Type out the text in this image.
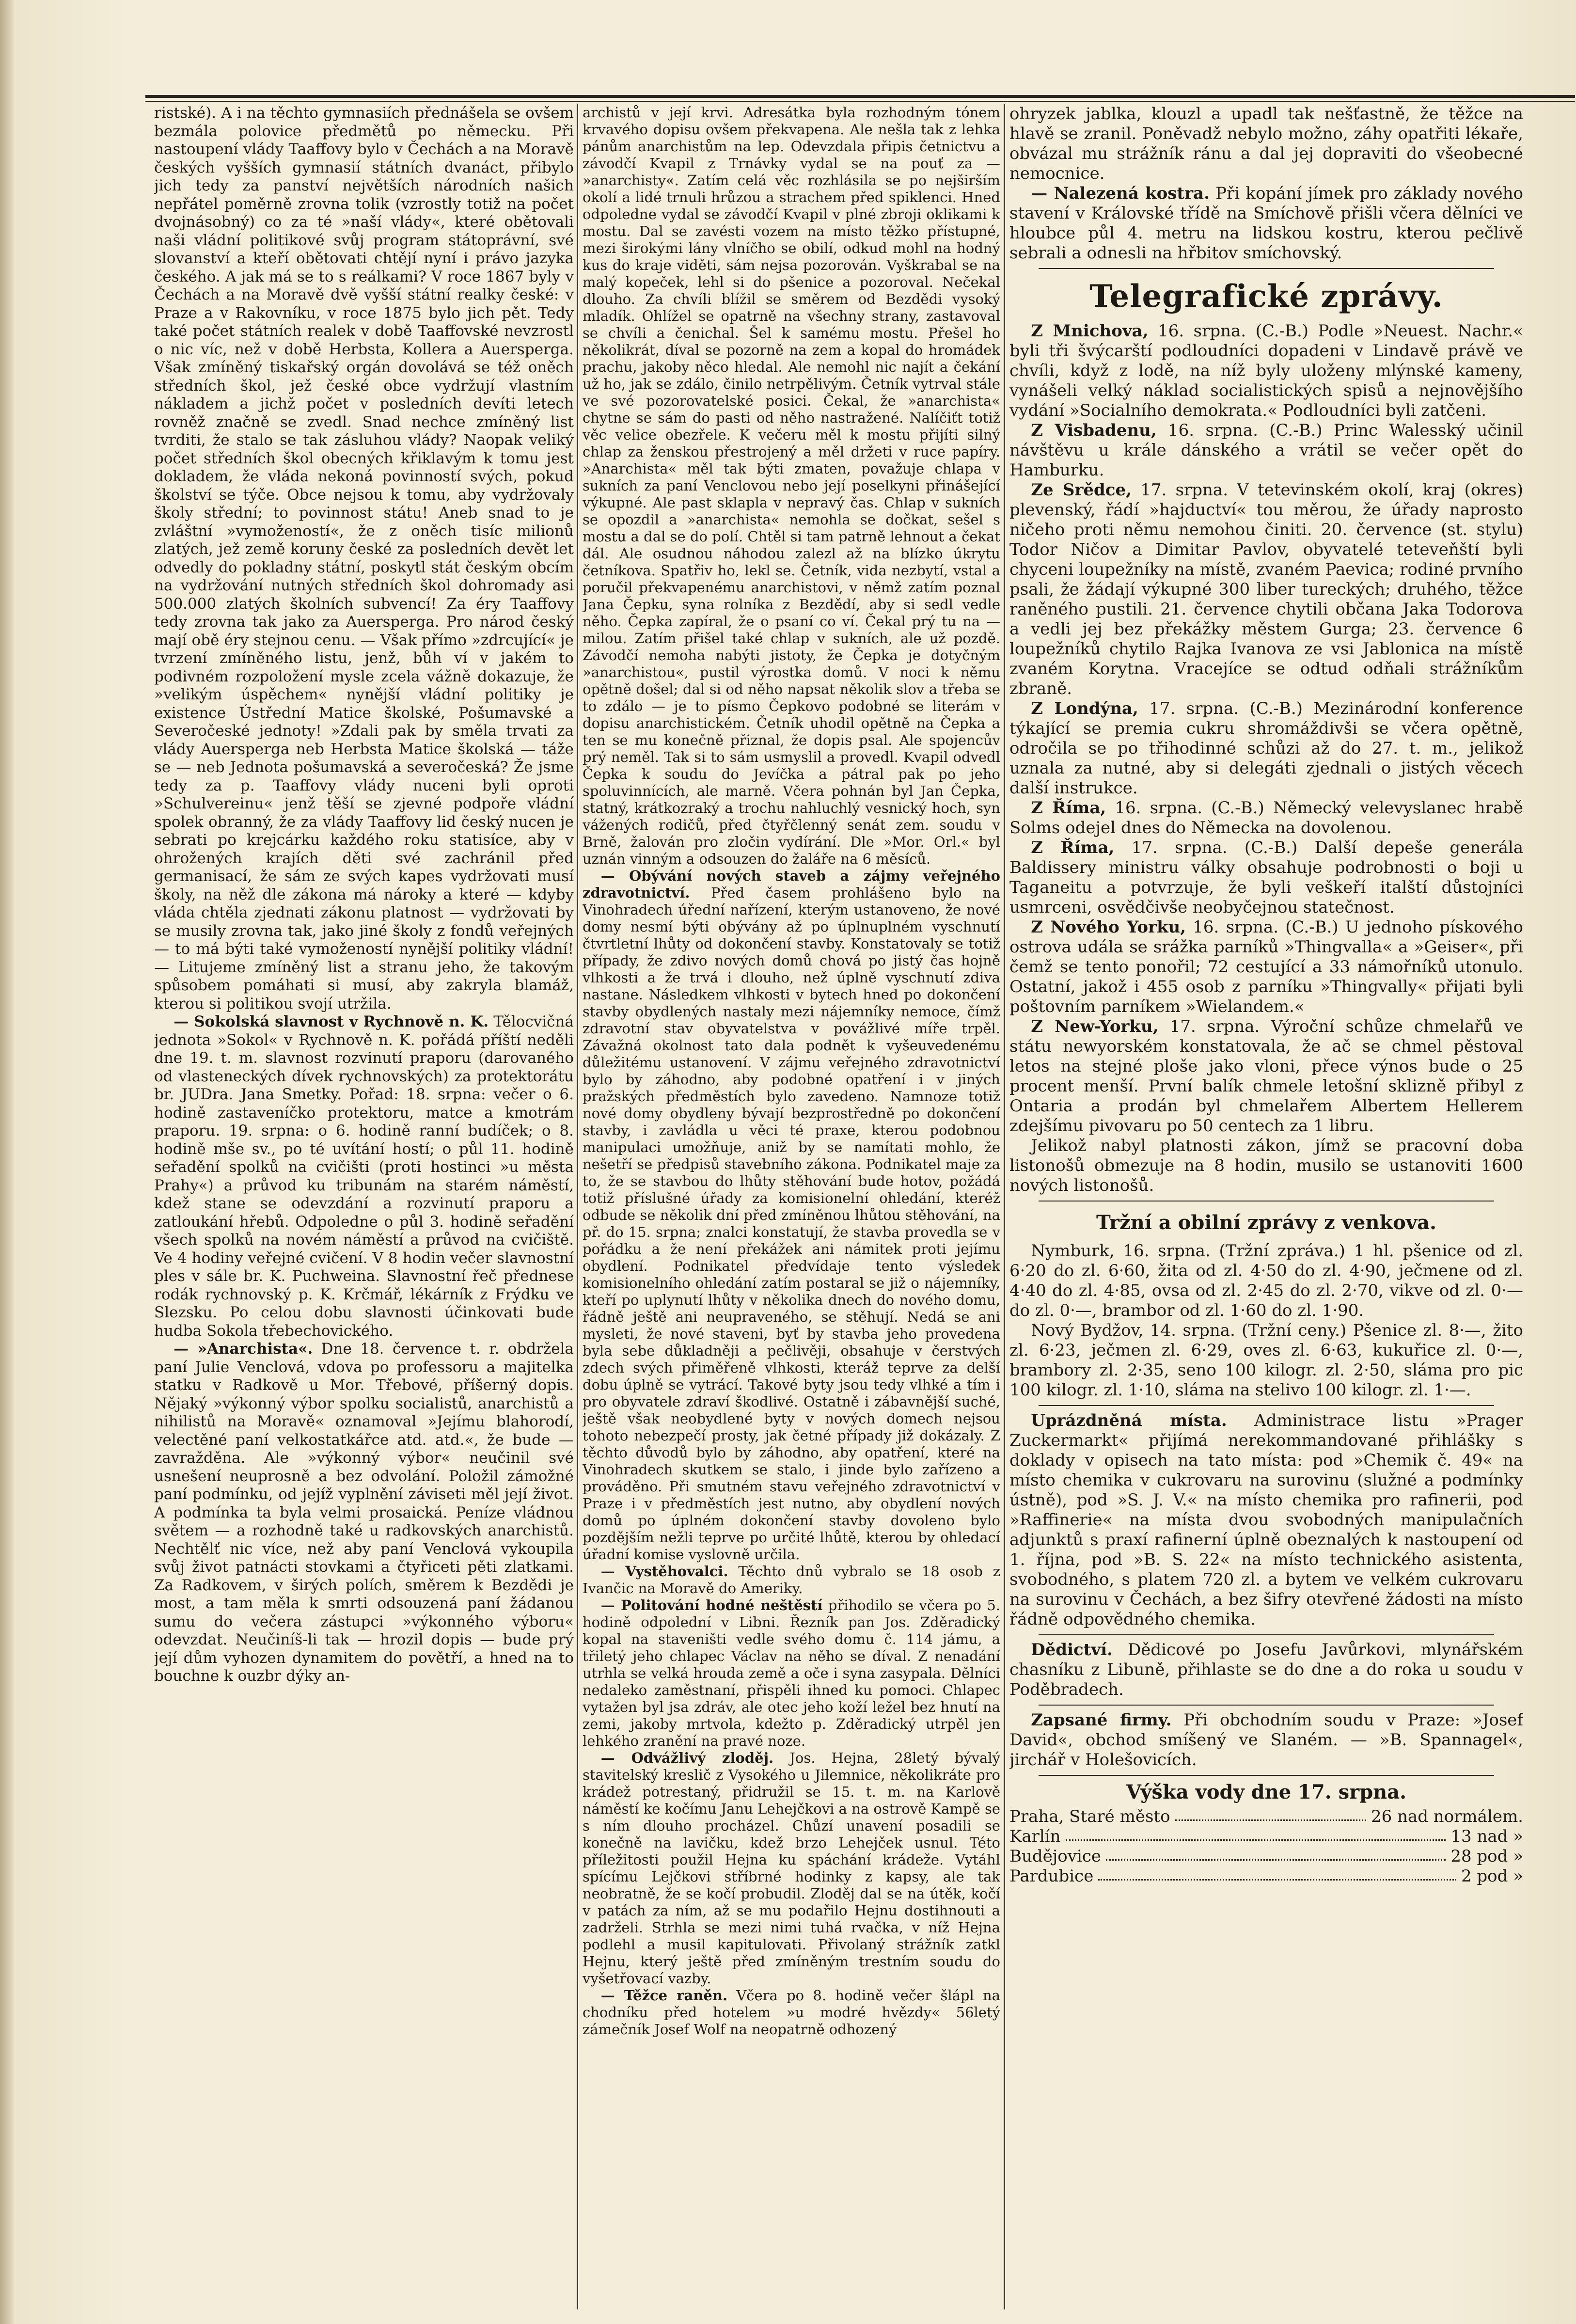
ristské). A i na těchto gymnasiích přednášela se ovšem bezmála polovice předmětů po německu. Při nastoupení vlády Taaffovy bylo v Čechách a na Moravě českých vyšších gymnasií státních dvanáct, přibylo jich tedy za panství největších národních našich nepřátel poměrně zrovna tolik (vzrostly totiž na počet dvojnásobný) co za té »naší vlády«, které obětovali naši vládní politikové svůj program státoprávní, své slovanství a kteří obětovati chtějí nyní i právo jazyka českého. A jak má se to s reálkami? V roce 1867 byly v Čechách a na Moravě dvě vyšší státní realky české: v Praze a v Rakovníku, v roce 1875 bylo jich pět. Tedy také počet státních realek v době Taaffovské nevzrostl o nic víc, než v době Herbsta, Kollera a Auersperga. Však zmíněný tiskařský orgán dovolává se též oněch středních škol, jež české obce vydržují vlastním nákladem a jichž počet v posledních devíti letech rovněž značně se zvedl. Snad nechce zmíněný list tvrditi, že stalo se tak zásluhou vlády? Naopak veliký počet středních škol obecných křiklavým k tomu jest dokladem, že vláda nekoná povinností svých, pokud školství se týče. Obce nejsou k tomu, aby vydržovaly školy střední; to povinnost státu! Aneb snad to je zvláštní »vymožeností«, že z oněch tisíc milionů zlatých, jež země koruny české za posledních devět let odvedly do pokladny státní, poskytl stát českým obcím na vydržování nutných středních škol dohromady asi 500.000 zlatých školních subvencí! Za éry Taaffovy tedy zrovna tak jako za Auersperga. Pro národ český mají obě éry stejnou cenu. — Však přímo »zdrcující« je tvrzení zmíněného listu, jenž, bůh ví v jakém to podivném rozpoložení mysle zcela vážně dokazuje, že »velikým úspěchem« nynější vládní politiky je existence Ústřední Matice školské, Pošumavské a Severočeské jednoty! »Zdali pak by směla trvati za vlády Auersperga neb Herbsta Matice školská — táže se — neb Jednota pošumavská a severočeská? Že jsme tedy za p. Taaffovy vlády nuceni byli oproti »Schulvereinu« jenž těší se zjevné podpoře vládní spolek obranný, že za vlády Taaffovy lid český nucen je sebrati po krejcárku každého roku statisíce, aby v ohrožených krajích děti své zachránil před germanisací, že sám ze svých kapes vydržovati musí školy, na něž dle zákona má nároky a které — kdyby vláda chtěla zjednati zákonu platnost — vydržovati by se musily zrovna tak, jako jiné školy z fondů veřejných — to má býti také vymožeností nynější politiky vládní! — Litujeme zmíněný list a stranu jeho, že takovým spůsobem pomáhati si musí, aby zakryla blamáž, kterou si politikou svojí utržila.

— Sokolská slavnost v Rychnově n. K. Tělocvičná jednota »Sokol« v Rychnově n. K. pořádá příští neděli dne 19. t. m. slavnost rozvinutí praporu (darovaného od vlasteneckých dívek rychnovských) za protektorátu br. JUDra. Jana Smetky. Pořad: 18. srpna: večer o 6. hodině zastaveníčko protektoru, matce a kmotrám praporu. 19. srpna: o 6. hodině ranní budíček; o 8. hodině mše sv., po té uvítání hostí; o půl 11. hodině seřadění spolků na cvičišti (proti hostinci »u města Prahy«) a průvod ku tribunám na starém náměstí, kdež stane se odevzdání a rozvinutí praporu a zatloukání hřebů. Odpoledne o půl 3. hodině seřadění všech spolků na novém náměstí a průvod na cvičiště. Ve 4 hodiny veřejné cvičení. V 8 hodin večer slavnostní ples v sále br. K. Puchweina. Slavnostní řeč přednese rodák rychnovský p. K. Krčmář, lékárník z Frýdku ve Slezsku. Po celou dobu slavnosti účinkovati bude hudba Sokola třebechovického.

— »Anarchista«. Dne 18. července t. r. obdržela paní Julie Venclová, vdova po professoru a majitelka statku v Radkově u Mor. Třebové, příšerný dopis. Nějaký »výkonný výbor spolku socialistů, anarchistů a nihilistů na Moravě« oznamoval »Jejímu blahorodí, velectěné paní velkostatkářce atd. atd.«, že bude — zavražděna. Ale »výkonný výbor« neučinil své usnešení neuprosně a bez odvolání. Položil zámožné paní podmínku, od jejíž vyplnění záviseti měl její život. A podmínka ta byla velmi prosaická. Peníze vládnou světem — a rozhodně také u radkovských anarchistů. Nechtělť nic více, než aby paní Venclová vykoupila svůj život patnácti stovkami a čtyřiceti pěti zlatkami. Za Radkovem, v širých polích, směrem k Bezdědi je most, a tam měla k smrti odsouzená paní žádanou sumu do večera zástupci »výkonného výboru« odevzdat. Neučiníš-li tak — hrozil dopis — bude prý její dům vyhozen dynamitem do povětří, a hned na to bouchne k ouzbr dýky an-

archistů v její krvi. Adresátka byla rozhodným tónem krvavého dopisu ovšem překvapena. Ale nešla tak z lehka pánům anarchistům na lep. Odevzdala připis četnictvu a závodčí Kvapil z Trnávky vydal se na pouť za — »anarchisty«. Zatím celá věc rozhlásila se po nejširším okolí a lidé trnuli hrůzou a strachem před spiklenci. Hned odpoledne vydal se závodčí Kvapil v plné zbroji oklikami k mostu. Dal se zavésti vozem na místo těžko přístupné, mezi širokými lány vlníčho se obilí, odkud mohl na hodný kus do kraje viděti, sám nejsa pozorován. Vyškrabal se na malý kopeček, lehl si do pšenice a pozoroval. Nečekal dlouho. Za chvíli blížil se směrem od Bezdědi vysoký mladík. Ohlížel se opatrně na všechny strany, zastavoval se chvíli a čenichal. Šel k samému mostu. Přešel ho několikrát, díval se pozorně na zem a kopal do hromádek prachu, jakoby něco hledal. Ale nemohl nic najít a čekání už ho, jak se zdálo, činilo netrpělivým. Četník vytrval stále ve své pozorovatelské posici. Čekal, že »anarchista« chytne se sám do pasti od něho nastražené. Nalíčiťt totiž věc velice obezřele. K večeru měl k mostu přijíti silný chlap za ženskou přestrojený a měl držeti v ruce papíry. »Anarchista« měl tak býti zmaten, považuje chlapa v sukních za paní Venclovou nebo její poselkyni přinášející výkupné. Ale past sklapla v nepravý čas. Chlap v sukních se opozdil a »anarchista« nemohla se dočkat, sešel s mostu a dal se do polí. Chtěl si tam patrně lehnout a čekat dál. Ale osudnou náhodou zalezl až na blízko úkrytu četníkova. Spatřiv ho, lekl se. Četník, vida nezbytí, vstal a poručil překvapenému anarchistovi, v němž zatím poznal Jana Čepku, syna rolníka z Bezdědí, aby si sedl vedle něho. Čepka zapíral, že o psaní co ví. Čekal prý tu na — milou. Zatím přišel také chlap v sukních, ale už pozdě. Závodčí nemoha nabýti jistoty, že Čepka je dotyčným »anarchistou«, pustil výrostka domů. V noci k němu opětně došel; dal si od něho napsat několik slov a třeba se to zdálo — je to písmo Čepkovo podobné se literám v dopisu anarchistickém. Četník uhodil opětně na Čepka a ten se mu konečně přiznal, že dopis psal. Ale spojencův prý neměl. Tak si to sám usmyslil a provedl. Kvapil odvedl Čepka k soudu do Jevíčka a pátral pak po jeho spoluvinnících, ale marně. Včera pohnán byl Jan Čepka, statný, krátkozraký a trochu nahluchlý vesnický hoch, syn vážených rodičů, před čtyřčlenný senát zem. soudu v Brně, žalován pro zločin vydírání. Dle »Mor. Orl.« byl uznán vinným a odsouzen do žaláře na 6 měsíců.

— Obývání nových staveb a zájmy veřejného zdravotnictví. Před časem prohlášeno bylo na Vinohradech úřední nařízení, kterým ustanoveno, že nové domy nesmí býti obývány až po úplnuplném vyschnutí čtvrtletní lhůty od dokončení stavby. Konstatovaly se totiž případy, že zdivo nových domů chová po jistý čas hojně vlhkosti a že trvá i dlouho, než úplně vyschnutí zdiva nastane. Následkem vlhkosti v bytech hned po dokončení stavby obydlených nastaly mezi nájemníky nemoce, čímž zdravotní stav obyvatelstva v povážlivé míře trpěl. Závažná okolnost tato dala podnět k vyšeuvedenému důležitému ustanovení. V zájmu veřejného zdravotnictví bylo by záhodno, aby podobné opatření i v jiných pražských předměstích bylo zavedeno. Namnoze totiž nové domy obydleny bývají bezprostředně po dokončení stavby, i zavládla u věci té praxe, kterou podobnou manipulaci umožňuje, aniž by se namítati mohlo, že nešetří se předpisů stavebního zákona. Podnikatel maje za to, že se stavbou do lhůty stěhování bude hotov, požádá totiž příslušné úřady za komisionelní ohledání, kteréž odbude se několik dní před zmíněnou lhůtou stěhování, na př. do 15. srpna; znalci konstatují, že stavba provedla se v pořádku a že není překážek ani námitek proti jejímu obydlení. Podnikatel předvídaje tento výsledek komisionelního ohledání zatím postaral se již o nájemníky, kteří po uplynutí lhůty v několika dnech do nového domu, řádně ještě ani neupraveného, se stěhují. Nedá se ani mysleti, že nové staveni, byť by stavba jeho provedena byla sebe důkladněji a pečlivěji, obsahuje v čerstvých zdech svých přiměřeně vlhkosti, kteráž teprve za delší dobu úplně se vytrácí. Takové byty jsou tedy vlhké a tím i pro obyvatele zdraví škodlivé. Ostatně i zábavnější suché, ještě však neobydlené byty v nových domech nejsou tohoto nebezpečí prosty, jak četné případy již dokázaly. Z těchto důvodů bylo by záhodno, aby opatření, které na Vinohradech skutkem se stalo, i jinde bylo zařízeno a prováděno. Při smutném stavu veřejného zdravotnictví v Praze i v předměstích jest nutno, aby obydlení nových domů po úplném dokončení stavby dovoleno bylo pozdějším nežli teprve po určité lhůtě, kterou by ohledací úřadní komise vyslovně určila.

— Vystěhovalci. Těchto dnů vybralo se 18 osob z Ivančic na Moravě do Ameriky.

— Politování hodné neštěstí přihodilo se včera po 5. hodině odpolední v Libni. Řezník pan Jos. Zděradický kopal na staveništi vedle svého domu č. 114 jámu, a třiletý jeho chlapec Václav na něho se díval. Z nenadání utrhla se velká hrouda země a oče i syna zasypala. Dělníci nedaleko zaměstnaní, přispěli ihned ku pomoci. Chlapec vytažen byl jsa zdráv, ale otec jeho koží ležel bez hnutí na zemi, jakoby mrtvola, kdežto p. Zděradický utrpěl jen lehkého zranění na pravé noze.

— Odvážlivý zloděj. Jos. Hejna, 28letý bývalý stavitelský kreslič z Vysokého u Jilemnice, několikráte pro krádež potrestaný, přidružil se 15. t. m. na Karlově náměstí ke kočímu Janu Lehejčkovi a na ostrově Kampě se s ním dlouho procházel. Chůzí unavení posadili se konečně na lavičku, kdež brzo Lehejček usnul. Této příležitosti použil Hejna ku spáchání krádeže. Vytáhl spícímu Lejčkovi stříbrné hodinky z kapsy, ale tak neobratně, že se kočí probudil. Zloděj dal se na útěk, kočí v patách za ním, až se mu podařilo Hejnu dostihnouti a zadrželi. Strhla se mezi nimi tuhá rvačka, v níž Hejna podlehl a musil kapitulovati. Přivolaný strážník zatkl Hejnu, který ještě před zmíněným trestním soudu do vyšetřovací vazby.

— Těžce raněn. Včera po 8. hodině večer šlápl na chodníku před hotelem »u modré hvězdy« 56letý zámečník Josef Wolf na neopatrně odhozený

ohryzek jablka, klouzl a upadl tak nešťastně, že těžce na hlavě se zranil. Poněvadž nebylo možno, záhy opatřiti lékaře, obvázal mu strážník ránu a dal jej dopraviti do všeobecné nemocnice.

— Nalezená kostra. Při kopání jímek pro základy nového stavení v Královské třídě na Smíchově přišli včera dělníci ve hloubce půl 4. metru na lidskou kostru, kterou pečlivě sebrali a odnesli na hřbitov smíchovský.

Telegrafické zprávy.

Z Mnichova, 16. srpna. (C.-B.) Podle »Neuest. Nachr.« byli tři švýcarští podloudníci dopadeni v Lindavě právě ve chvíli, když z lodě, na níž byly uloženy mlýnské kameny, vynášeli velký náklad socialistických spisů a nejnovějšího vydání »Socialního demokrata.« Podloudníci byli zatčeni.

Z Visbadenu, 16. srpna. (C.-B.) Princ Walesský učinil návštěvu u krále dánského a vrátil se večer opět do Hamburku.

Ze Srědce, 17. srpna. V tetevinském okolí, kraj (okres) plevenský, řádí »hajductví« tou měrou, že úřady naprosto ničeho proti němu nemohou činiti. 20. července (st. stylu) Todor Ničov a Dimitar Pavlov, obyvatelé teteveňští byli chyceni loupežníky na místě, zvaném Paevica; rodiné prvního psali, že žádají výkupné 300 liber tureckých; druhého, těžce raněného pustili. 21. července chytili občana Jaka Todorova a vedli jej bez překážky městem Gurga; 23. července 6 loupežníků chytilo Rajka Ivanova ze vsi Jablonica na místě zvaném Korytna. Vracejíce se odtud odňali strážníkům zbraně.

Z Londýna, 17. srpna. (C.-B.) Mezinárodní konference týkající se premia cukru shromáždivši se včera opětně, odročila se po třihodinné schůzi až do 27. t. m., jelikož uznala za nutné, aby si delegáti zjednali o jistých věcech další instrukce.

Z Říma, 16. srpna. (C.-B.) Německý velevyslanec hrabě Solms odejel dnes do Německa na dovolenou.

Z Říma, 17. srpna. (C.-B.) Další depeše generála Baldissery ministru války obsahuje podrobnosti o boji u Taganeitu a potvrzuje, že byli veškeří italští důstojníci usmrceni, osvědčivše neobyčejnou statečnost.

Z Nového Yorku, 16. srpna. (C.-B.) U jednoho pískového ostrova udála se srážka parníků »Thingvalla« a »Geiser«, při čemž se tento ponořil; 72 cestující a 33 námořníků utonulo. Ostatní, jakož i 455 osob z parníku »Thingvally« přijati byli poštovním parníkem »Wielandem.«

Z New-Yorku, 17. srpna. Výroční schůze chmelařů ve státu newyorském konstatovala, že ač se chmel pěstoval letos na stejné ploše jako vloni, přece výnos bude o 25 procent menší. První balík chmele letošní sklizně přibyl z Ontaria a prodán byl chmelařem Albertem Hellerem zdejšímu pivovaru po 50 centech za 1 libru.

Jelikož nabyl platnosti zákon, jímž se pracovní doba listonošů obmezuje na 8 hodin, musilo se ustanoviti 1600 nových listonošů.

Tržní a obilní zprávy z venkova.

Nymburk, 16. srpna. (Tržní zpráva.) 1 hl. pšenice od zl. 6·20 do zl. 6·60, žita od zl. 4·50 do zl. 4·90, ječmene od zl. 4·40 do zl. 4·85, ovsa od zl. 2·45 do zl. 2·70, vikve od zl. 0·— do zl. 0·—, brambor od zl. 1·60 do zl. 1·90.

Nový Bydžov, 14. srpna. (Tržní ceny.) Pšenice zl. 8·—, žito zl. 6·23, ječmen zl. 6·29, oves zl. 6·63, kukuřice zl. 0·—, brambory zl. 2·35, seno 100 kilogr. zl. 2·50, sláma pro pic 100 kilogr. zl. 1·10, sláma na stelivo 100 kilogr. zl. 1·—.

Uprázdněná místa. Administrace listu »Prager Zuckermarkt« přijímá nerekommandované přihlášky s doklady v opisech na tato místa: pod »Chemik č. 49« na místo chemika v cukrovaru na surovinu (služné a podmínky ústně), pod »S. J. V.« na místo chemika pro rafinerii, pod »Raffinerie« na místa dvou svobodných manipulačních adjunktů s praxí rafinerní úplně obeznalých k nastoupení od 1. října, pod »B. S. 22« na místo technického asistenta, svobodného, s platem 720 zl. a bytem ve velkém cukrovaru na surovinu v Čechách, a bez šifry otevřené žádosti na místo řádně odpovědného chemika.

Dědictví. Dědicové po Josefu Javůrkovi, mlynářském chasníku z Libuně, přihlaste se do dne a do roka u soudu v Poděbradech.

Zapsané firmy. Při obchodním soudu v Praze: »Josef David«, obchod smíšený ve Slaném. — »B. Spannagel«, jirchář v Holešovicích.

Výška vody dne 17. srpna.
Praha, Staré město	26 nad normálem.
Karlín	13 nad »
Budějovice	28 pod »
Pardubice	2 pod »
